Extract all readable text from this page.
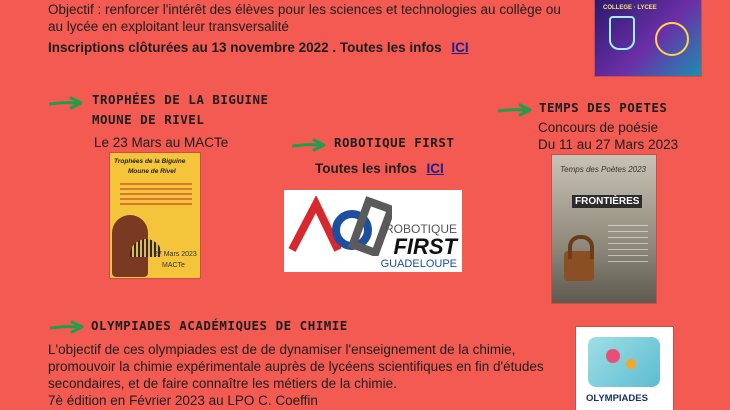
Objectif : renforcer l'intérêt des élèves pour les sciences et technologies au collège ou au lycée en exploitant leur transversalité
Inscriptions clôturées au 13 novembre 2022 . Toutes les infos ICI
COLLEGE · LYCEE
TROPHÉES DE LA BIGUINE
MOUNE DE RIVEL
Le 23 Mars au MACTe
Trophées de la Biguine
Moune de Rivel
27 Mars 2023
MACTe
ROBOTIQUE FIRST
Toutes les infos ICI
ROBOTIQUE
FIRST
GUADELOUPE
TEMPS DES POETES
Concours de poésie
Du 11 au 27 Mars 2023
Temps des Poètes 2023
FRONTIÈRES
OLYMPIADES ACADÉMIQUES DE CHIMIE
L'objectif de ces olympiades est de de dynamiser l'enseignement de la chimie, promouvoir la chimie expérimentale auprès de lycéens scientifiques en fin d'études secondaires, et de faire connaître les métiers de la chimie.
7è édition en Février 2023 au LPO C. Coeffin	OLYMPIADES
